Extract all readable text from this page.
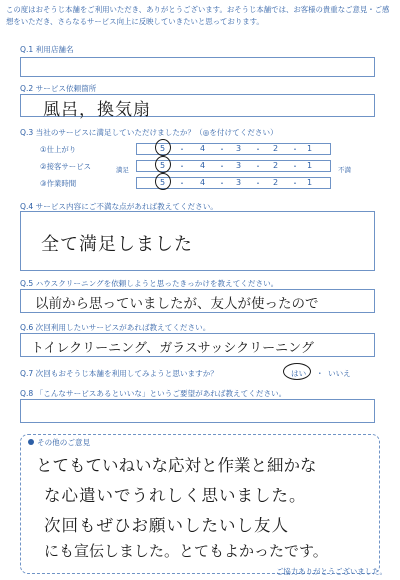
この度はおそうじ本舗をご利用いただき、ありがとうございます。おそうじ本舗では、お客様の貴重なご意見・ご感想をいただき、さらなるサービス向上に反映していきたいと思っております。
Q.1 利用店舗名
Q.2 サービス依頼箇所
風呂，換気扇
Q.3 当社のサービスに満足していただけましたか？（◎を付けてください）
満足	不満
①仕上がり	5 ・ 4 ・ 3 ・ 2 ・ 1
②接客サービス	5 ・ 4 ・ 3 ・ 2 ・ 1
③作業時間	5 ・ 4 ・ 3 ・ 2 ・ 1
Q.4 サービス内容にご不満な点があれば教えてください。
全て満足しました
Q.5 ハウスクリーニングを依頼しようと思ったきっかけを教えてください。
以前から思っていましたが、友人が使ったので
Q.6 次回利用したいサービスがあれば教えてください。
トイレクリーニング、ガラスサッシクリーニング
Q.7 次回もおそうじ本舗を利用してみようと思いますか？	はい ・ いいえ
Q.8 「こんなサービスあるといいな」というご要望があれば教えてください。
その他のご意見
とてもていねいな応対と作業と細かな
な心遣いでうれしく思いました。
次回もぜひお願いしたいし友人
にも宣伝しました。とてもよかったです。
ご協力ありがとうございました。
